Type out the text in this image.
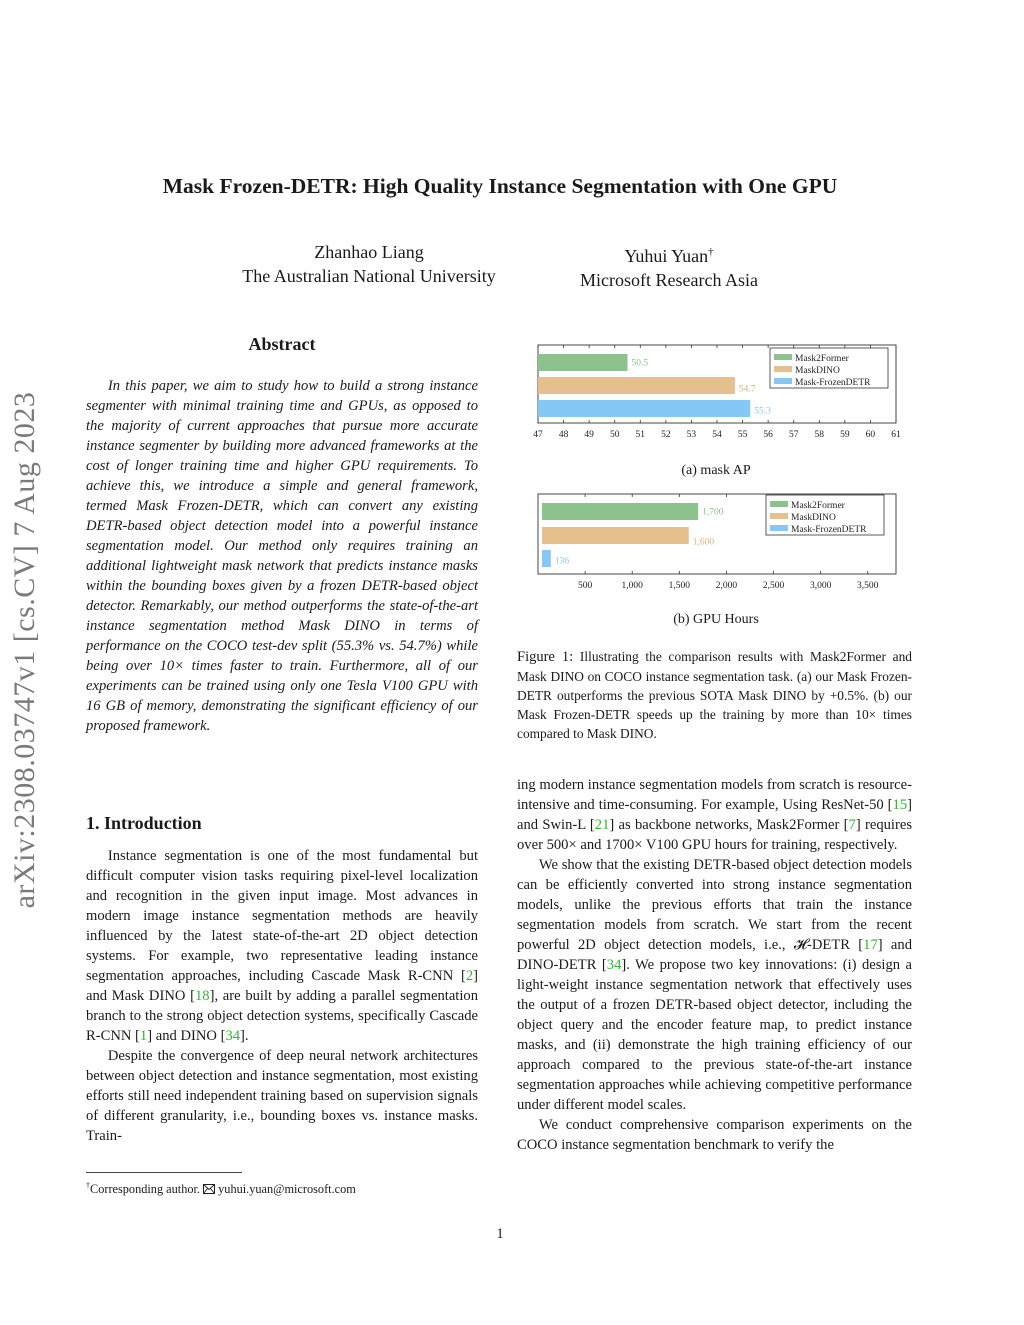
arXiv:2308.03747v1 [cs.CV] 7 Aug 2023
Mask Frozen-DETR: High Quality Instance Segmentation with One GPU
Zhanhao Liang
The Australian National University
Yuhui Yuan†
Microsoft Research Asia
Abstract

In this paper, we aim to study how to build a strong instance segmenter with minimal training time and GPUs, as opposed to the majority of current approaches that pursue more accurate instance segmenter by building more advanced frameworks at the cost of longer training time and higher GPU requirements. To achieve this, we introduce a simple and general framework, termed Mask Frozen-DETR, which can convert any existing DETR-based object detection model into a powerful instance segmentation model. Our method only requires training an additional lightweight mask network that predicts instance masks within the bounding boxes given by a frozen DETR-based object detector. Remarkably, our method outperforms the state-of-the-art instance segmentation method Mask DINO in terms of performance on the COCO test-dev split (55.3% vs. 54.7%) while being over 10× times faster to train. Furthermore, all of our experiments can be trained using only one Tesla V100 GPU with 16 GB of memory, demonstrating the significant efficiency of our proposed framework.

1. Introduction

Instance segmentation is one of the most fundamental but difficult computer vision tasks requiring pixel-level localization and recognition in the given input image. Most advances in modern image instance segmentation methods are heavily influenced by the latest state-of-the-art 2D object detection systems. For example, two representative leading instance segmentation approaches, including Cascade Mask R-CNN [2] and Mask DINO [18], are built by adding a parallel segmentation branch to the strong object detection systems, specifically Cascade R-CNN [1] and DINO [34].

Despite the convergence of deep neural network architectures between object detection and instance segmentation, most existing efforts still need independent training based on supervision signals of different granularity, i.e., bounding boxes vs. instance masks. Train-

†Corresponding author.  yuhui.yuan@microsoft.com
47 48 49 50 51 52 53 54 55 56 57 58 59 60 61
50.5
54.7
55.3
Mask2Former
MaskDINO
Mask-FrozenDETR
(a) mask AP
500	1,000	1,500	2,000	2,500	3,000	3,500
1,700
1,600
136
Mask2Former
MaskDINO
Mask-FrozenDETR
(b) GPU Hours
Figure 1: Illustrating the comparison results with Mask2Former and Mask DINO on COCO instance segmentation task. (a) our Mask Frozen-DETR outperforms the previous SOTA Mask DINO by +0.5%. (b) our Mask Frozen-DETR speeds up the training by more than 10× times compared to Mask DINO.

ing modern instance segmentation models from scratch is resource-intensive and time-consuming. For example, Using ResNet-50 [15] and Swin-L [21] as backbone networks, Mask2Former [7] requires over 500× and 1700× V100 GPU hours for training, respectively.

We show that the existing DETR-based object detection models can be efficiently converted into strong instance segmentation models, unlike the previous efforts that train the instance segmentation models from scratch. We start from the recent powerful 2D object detection models, i.e., 𝓗-DETR [17] and DINO-DETR [34]. We propose two key innovations: (i) design a light-weight instance segmentation network that effectively uses the output of a frozen DETR-based object detector, including the object query and the encoder feature map, to predict instance masks, and (ii) demonstrate the high training efficiency of our approach compared to the previous state-of-the-art instance segmentation approaches while achieving competitive performance under different model scales.

We conduct comprehensive comparison experiments on the COCO instance segmentation benchmark to verify the

1
